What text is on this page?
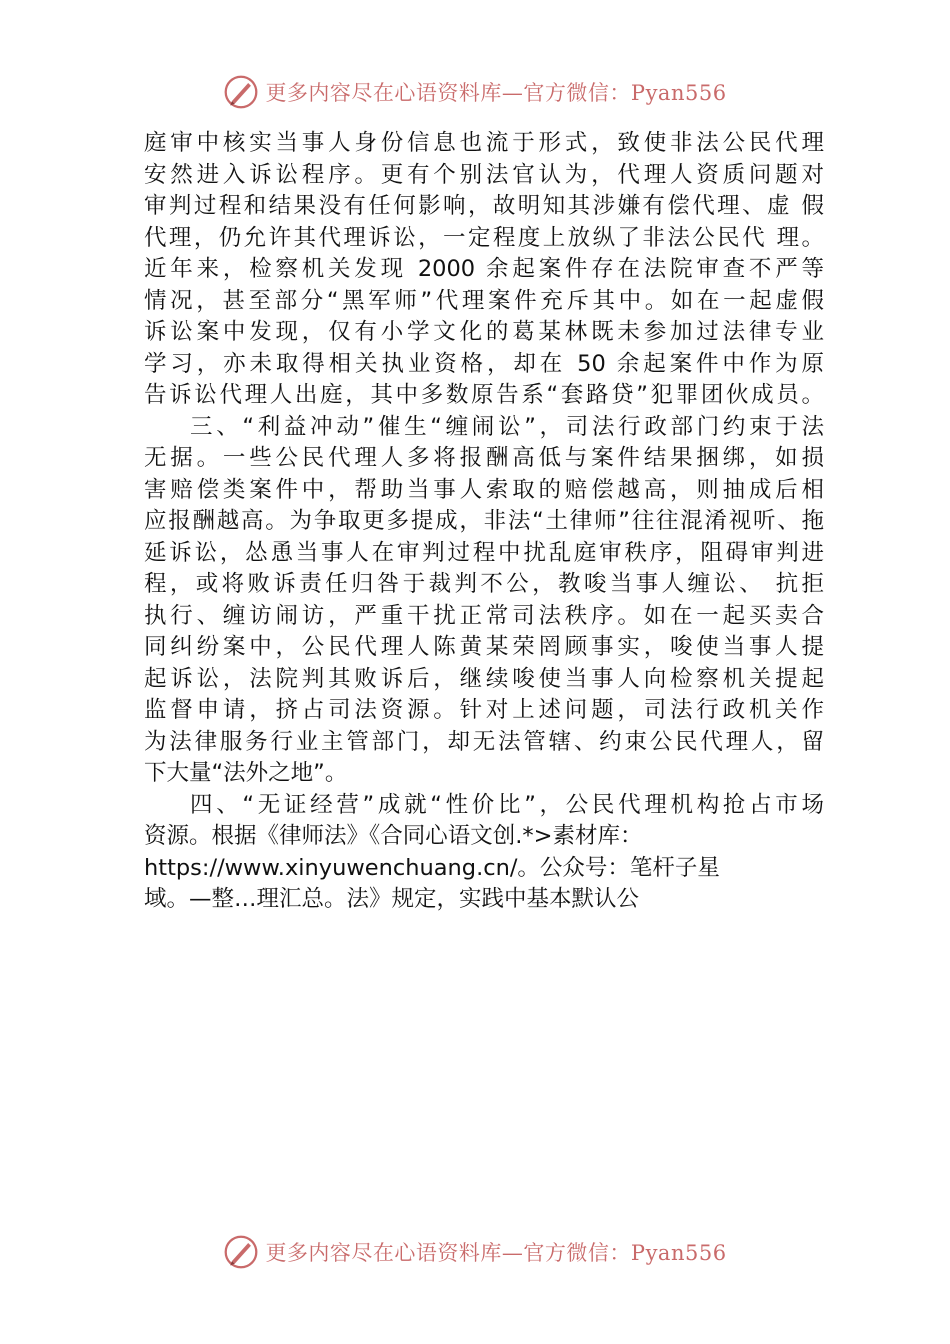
更多内容尽在心语资料库—官方微信：Pyan556
庭审中核实当事人身份信息也流于形式，致使非法公民代理
安然进入诉讼程序。更有个别法官认为，代理人资质问题对
审判过程和结果没有任何影响，故明知其涉嫌有偿代理、虚 假
代理，仍允许其代理诉讼，一定程度上放纵了非法公民代 理。
近年来，检察机关发现 2000 余起案件存在法院审查不严等
情况，甚至部分“黑军师”代理案件充斥其中。如在一起虚假
诉讼案中发现，仅有小学文化的葛某林既未参加过法律专业
学习，亦未取得相关执业资格，却在 50 余起案件中作为原
告诉讼代理人出庭，其中多数原告系“套路贷”犯罪团伙成员。
三、“利益冲动”催生“缠闹讼”，司法行政部门约束于法
无据。一些公民代理人多将报酬高低与案件结果捆绑，如损
害赔偿类案件中，帮助当事人索取的赔偿越高，则抽成后相
应报酬越高。为争取更多提成，非法“土律师”往往混淆视听、拖
延诉讼，怂恿当事人在审判过程中扰乱庭审秩序，阻碍审判进
程，或将败诉责任归咎于裁判不公，教唆当事人缠讼、 抗拒
执行、缠访闹访，严重干扰正常司法秩序。如在一起买卖合
同纠纷案中，公民代理人陈黄某荣罔顾事实，唆使当事人提
起诉讼，法院判其败诉后，继续唆使当事人向检察机关提起
监督申请，挤占司法资源。针对上述问题，司法行政机关作
为法律服务行业主管部门，却无法管辖、约束公民代理人，留
下大量“法外之地”。
四、“无证经营”成就“性价比”，公民代理机构抢占市场
资源。根据《律师法》《合同心语文创.*>素材库：
https://www.xinyuwenchuang.cn/。公众号：笔杆子星
域。—整…理汇总。法》规定，实践中基本默认公
更多内容尽在心语资料库—官方微信：Pyan556
